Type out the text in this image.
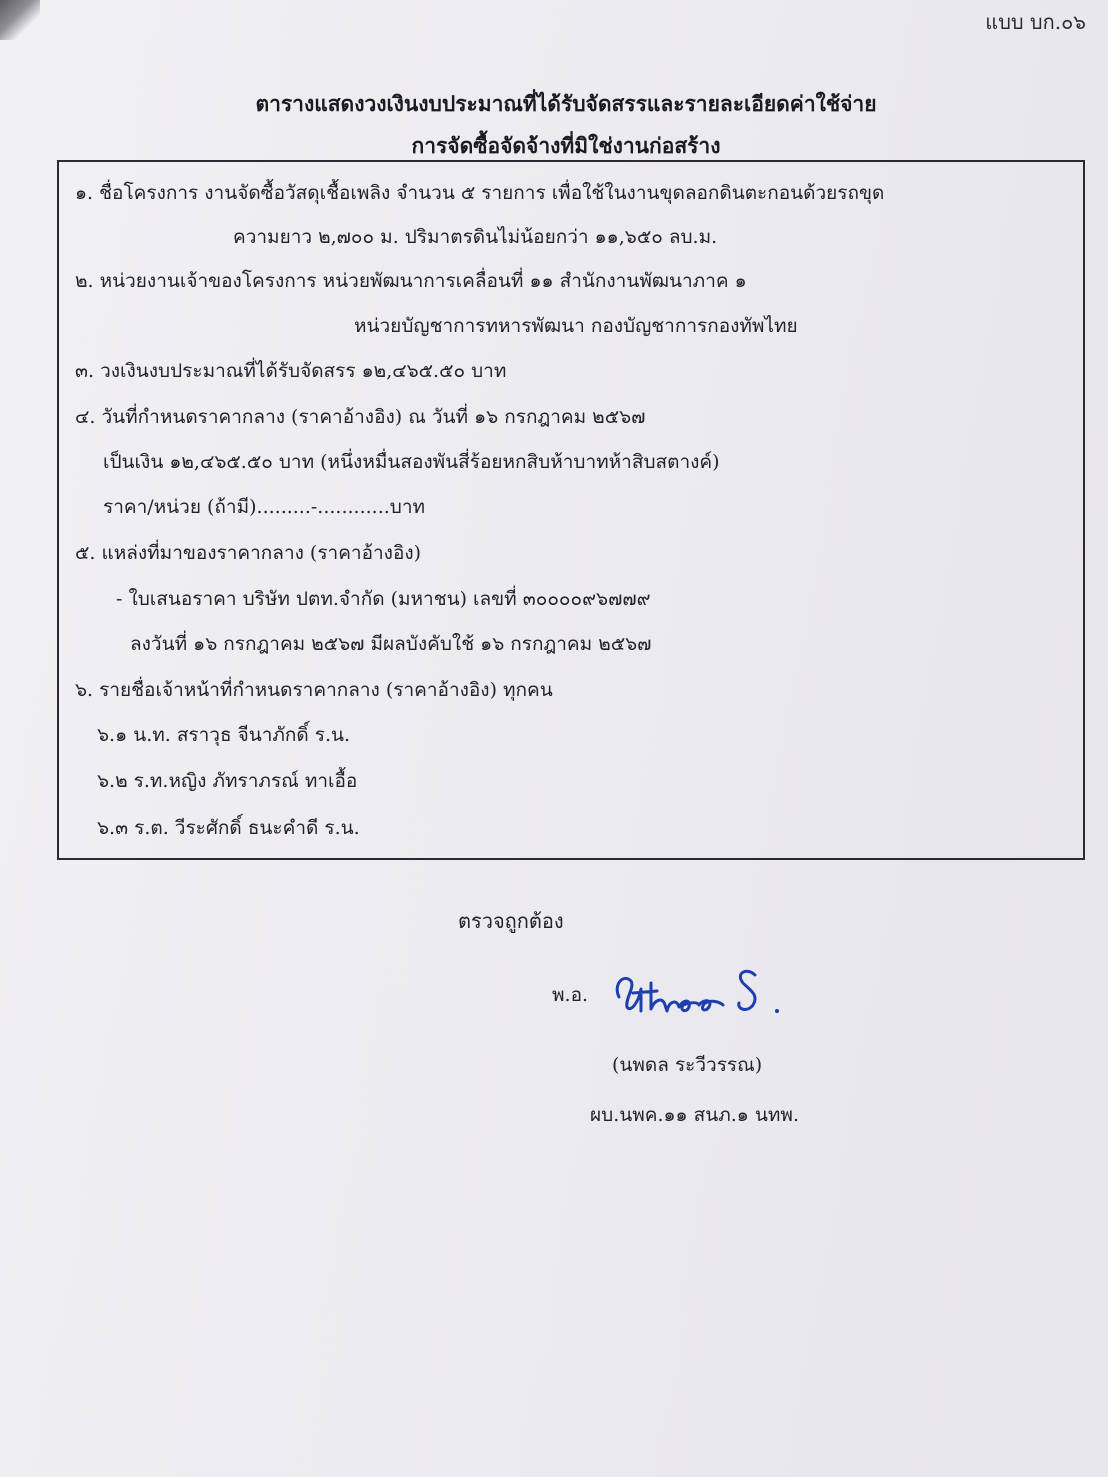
แบบ บก.๐๖
ตารางแสดงวงเงินงบประมาณที่ได้รับจัดสรรและรายละเอียดค่าใช้จ่าย
การจัดซื้อจัดจ้างที่มิใช่งานก่อสร้าง
๑. ชื่อโครงการ งานจัดซื้อวัสดุเชื้อเพลิง จำนวน ๕ รายการ เพื่อใช้ในงานขุดลอกดินตะกอนด้วยรถขุด
ความยาว ๒,๗๐๐ ม. ปริมาตรดินไม่น้อยกว่า ๑๑,๖๕๐ ลบ.ม.
๒. หน่วยงานเจ้าของโครงการ หน่วยพัฒนาการเคลื่อนที่ ๑๑ สำนักงานพัฒนาภาค ๑
หน่วยบัญชาการทหารพัฒนา กองบัญชาการกองทัพไทย
๓. วงเงินงบประมาณที่ได้รับจัดสรร ๑๒,๔๖๕.๕๐ บาท
๔. วันที่กำหนดราคากลาง (ราคาอ้างอิง) ณ วันที่ ๑๖ กรกฎาคม ๒๕๖๗
เป็นเงิน ๑๒,๔๖๕.๕๐ บาท (หนึ่งหมื่นสองพันสี่ร้อยหกสิบห้าบาทห้าสิบสตางค์)
ราคา/หน่วย (ถ้ามี).........-............บาท
๕. แหล่งที่มาของราคากลาง (ราคาอ้างอิง)
- ใบเสนอราคา บริษัท ปตท.จำกัด (มหาชน) เลขที่ ๓๐๐๐๐๙๖๗๗๙
ลงวันที่ ๑๖ กรกฎาคม ๒๕๖๗ มีผลบังคับใช้ ๑๖ กรกฎาคม ๒๕๖๗
๖. รายชื่อเจ้าหน้าที่กำหนดราคากลาง (ราคาอ้างอิง) ทุกคน
๖.๑ น.ท. สราวุธ จีนาภักดิ์ ร.น.
๖.๒ ร.ท.หญิง ภัทราภรณ์ ทาเอื้อ
๖.๓ ร.ต. วีระศักดิ์ ธนะคำดี ร.น.
ตรวจถูกต้อง
พ.อ.
(นพดล ระวีวรรณ)
ผบ.นพค.๑๑ สนภ.๑ นทพ.
